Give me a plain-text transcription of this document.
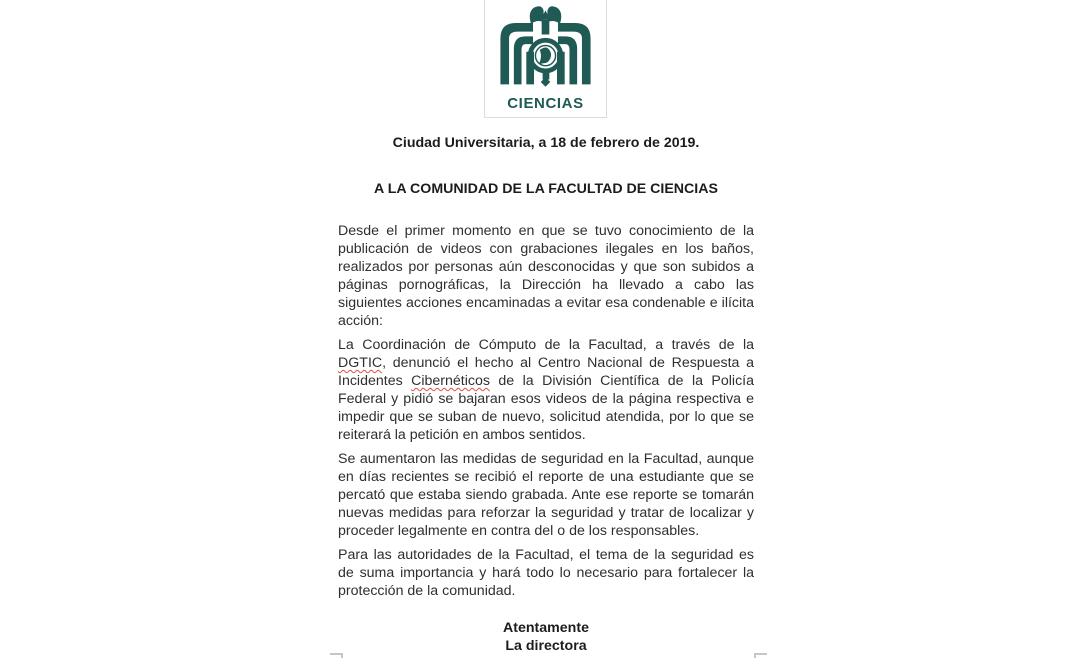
CIENCIAS

Ciudad Universitaria, a 18 de febrero de 2019.

A LA COMUNIDAD DE LA FACULTAD DE CIENCIAS

Desde el primer momento en que se tuvo conocimiento de la publicación de videos con grabaciones ilegales en los baños, realizados por personas aún desconocidas y que son subidos a páginas pornográficas, la Dirección ha llevado a cabo las siguientes acciones encaminadas a evitar esa condenable e ilícita acción:

La Coordinación de Cómputo de la Facultad, a través de la DGTIC, denunció el hecho al Centro Nacional de Respuesta a Incidentes Cibernéticos de la División Científica de la Policía Federal y pidió se bajaran esos videos de la página respectiva e impedir que se suban de nuevo, solicitud atendida, por lo que se reiterará la petición en ambos sentidos.

Se aumentaron las medidas de seguridad en la Facultad, aunque en días recientes se recibió el reporte de una estudiante que se percató que estaba siendo grabada. Ante ese reporte se tomarán nuevas medidas para reforzar la seguridad y tratar de localizar y proceder legalmente en contra del o de los responsables.

Para las autoridades de la Facultad, el tema de la seguridad es de suma importancia y hará todo lo necesario para fortalecer la protección de la comunidad.

Atentamente
La directora
